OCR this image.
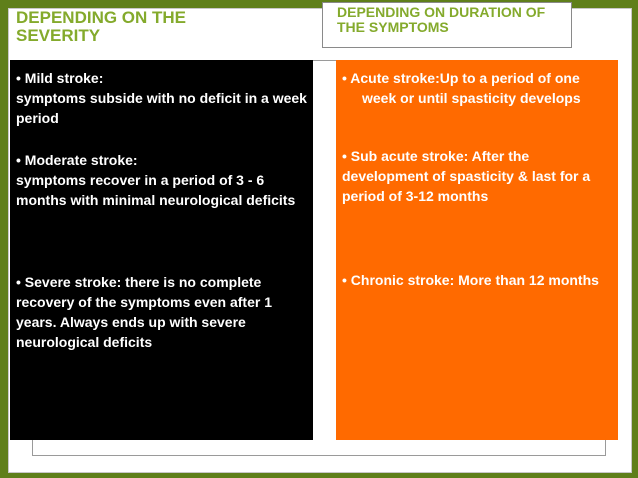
DEPENDING ON THE
SEVERITY

DEPENDING ON DURATION OF
THE SYMPTOMS

• Mild stroke:
symptoms subside with no deficit in a week period

• Moderate stroke:
symptoms recover in a period of 3 - 6 months with minimal neurological deficits

• Severe stroke: there is no complete recovery of the symptoms even after 1 years. Always ends up with severe neurological deficits

• Acute stroke:Up to a period of one week or until spasticity develops

• Sub acute stroke: After the development of spasticity & last for a period of 3-12 months

• Chronic stroke: More than 12 months
